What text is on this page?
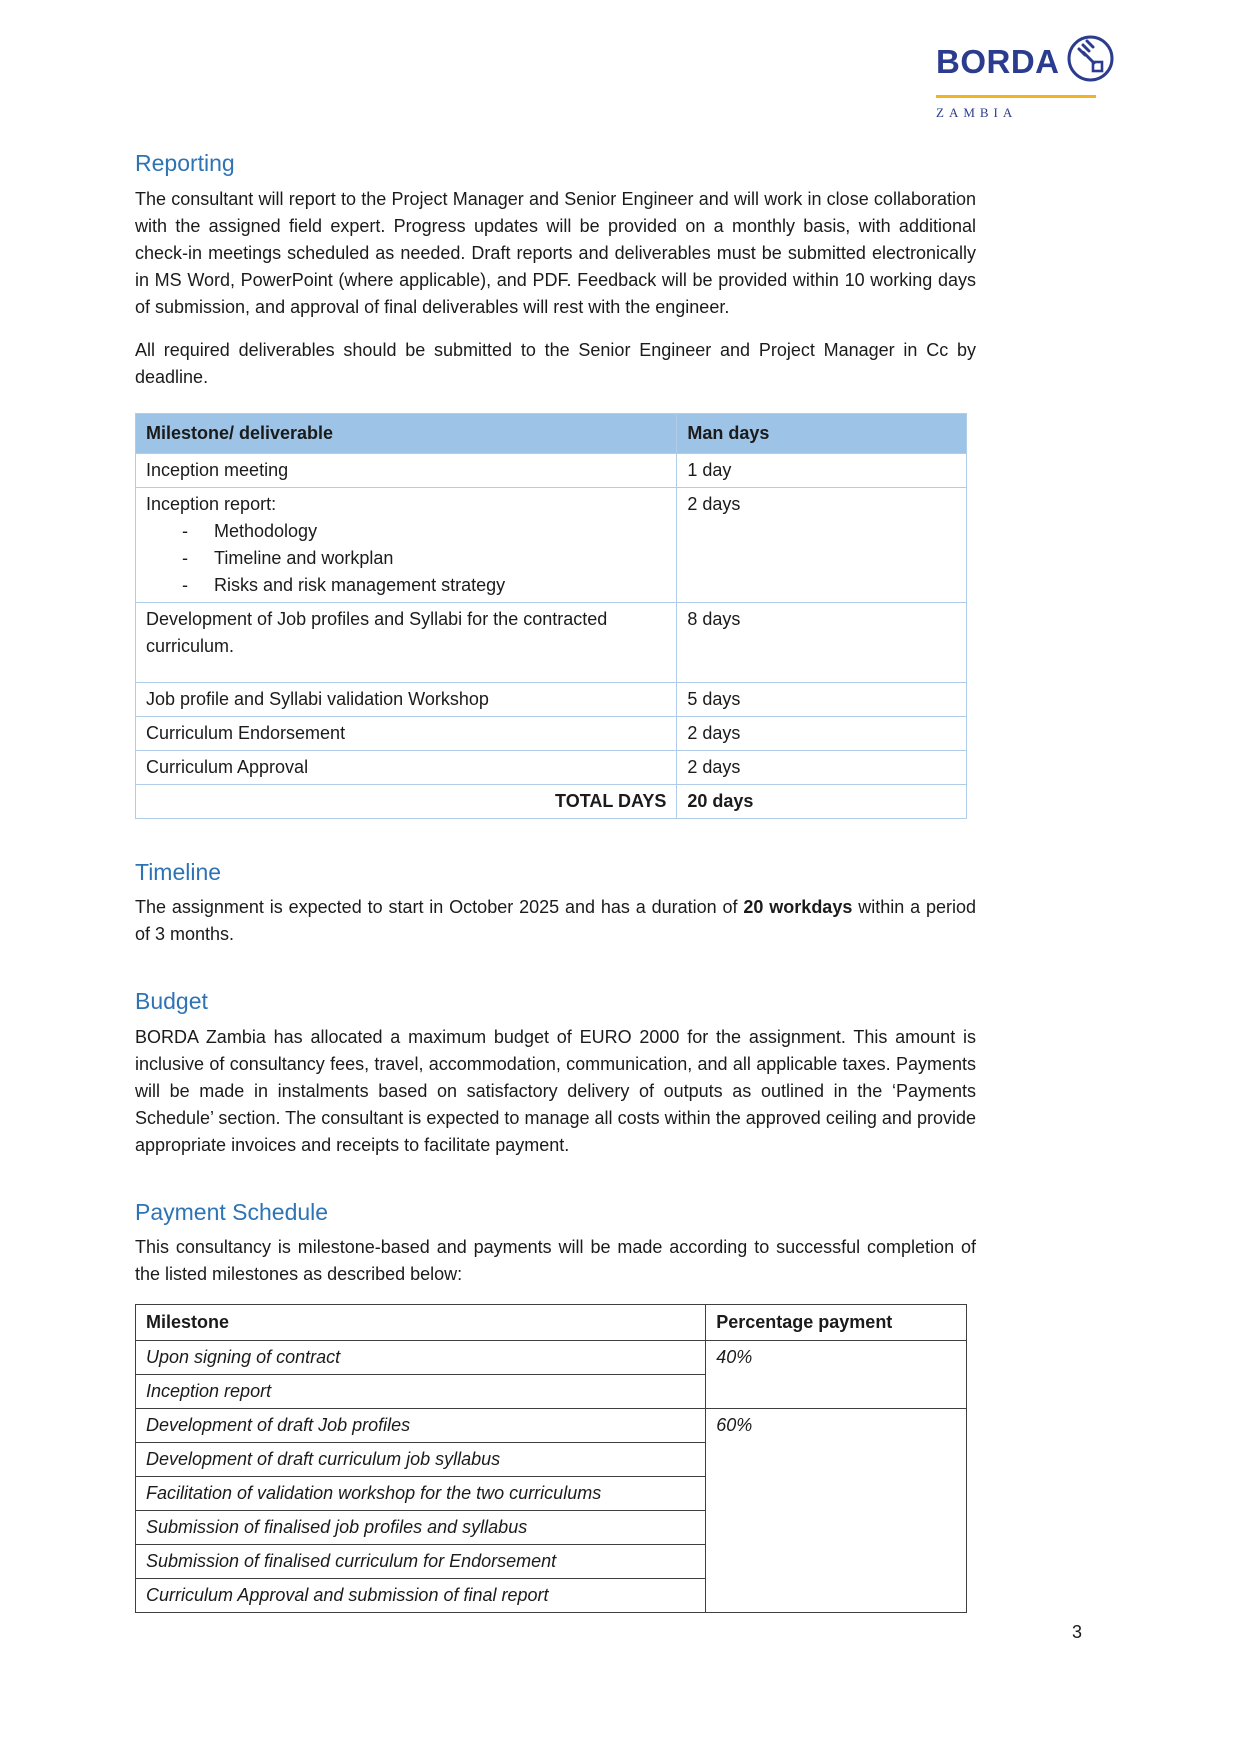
BORDA
ZAMBIA
Reporting

The consultant will report to the Project Manager and Senior Engineer and will work in close collaboration with the assigned field expert. Progress updates will be provided on a monthly basis, with additional check-in meetings scheduled as needed. Draft reports and deliverables must be submitted electronically in MS Word, PowerPoint (where applicable), and PDF. Feedback will be provided within 10 working days of submission, and approval of final deliverables will rest with the engineer.

All required deliverables should be submitted to the Senior Engineer and Project Manager in Cc by deadline.

Milestone/ deliverable	Man days

Inception meeting	1 day

Inception report:
-	Methodology
-	Timeline and workplan
-	Risks and risk management strategy
	2 days

Development of Job profiles and Syllabi for the contracted curriculum.	8 days

Job profile and Syllabi validation Workshop	5 days

Curriculum Endorsement	2 days

Curriculum Approval	2 days
TOTAL DAYS	20 days
Timeline

The assignment is expected to start in October 2025 and has a duration of 20 workdays within a period of 3 months.

Budget

BORDA Zambia has allocated a maximum budget of EURO 2000 for the assignment. This amount is inclusive of consultancy fees, travel, accommodation, communication, and all applicable taxes. Payments will be made in instalments based on satisfactory delivery of outputs as outlined in the ‘Payments Schedule’ section. The consultant is expected to manage all costs within the approved ceiling and provide appropriate invoices and receipts to facilitate payment.

Payment Schedule

This consultancy is milestone-based and payments will be made according to successful completion of the listed milestones as described below:

Milestone	Percentage payment
Upon signing of contract	40%
Inception report	
Development of draft Job profiles	60%
Development of draft curriculum job syllabus	
Facilitation of validation workshop for the two curriculums	
Submission of finalised job profiles and syllabus	
Submission of finalised curriculum for Endorsement	
Curriculum Approval and submission of final report	
3
